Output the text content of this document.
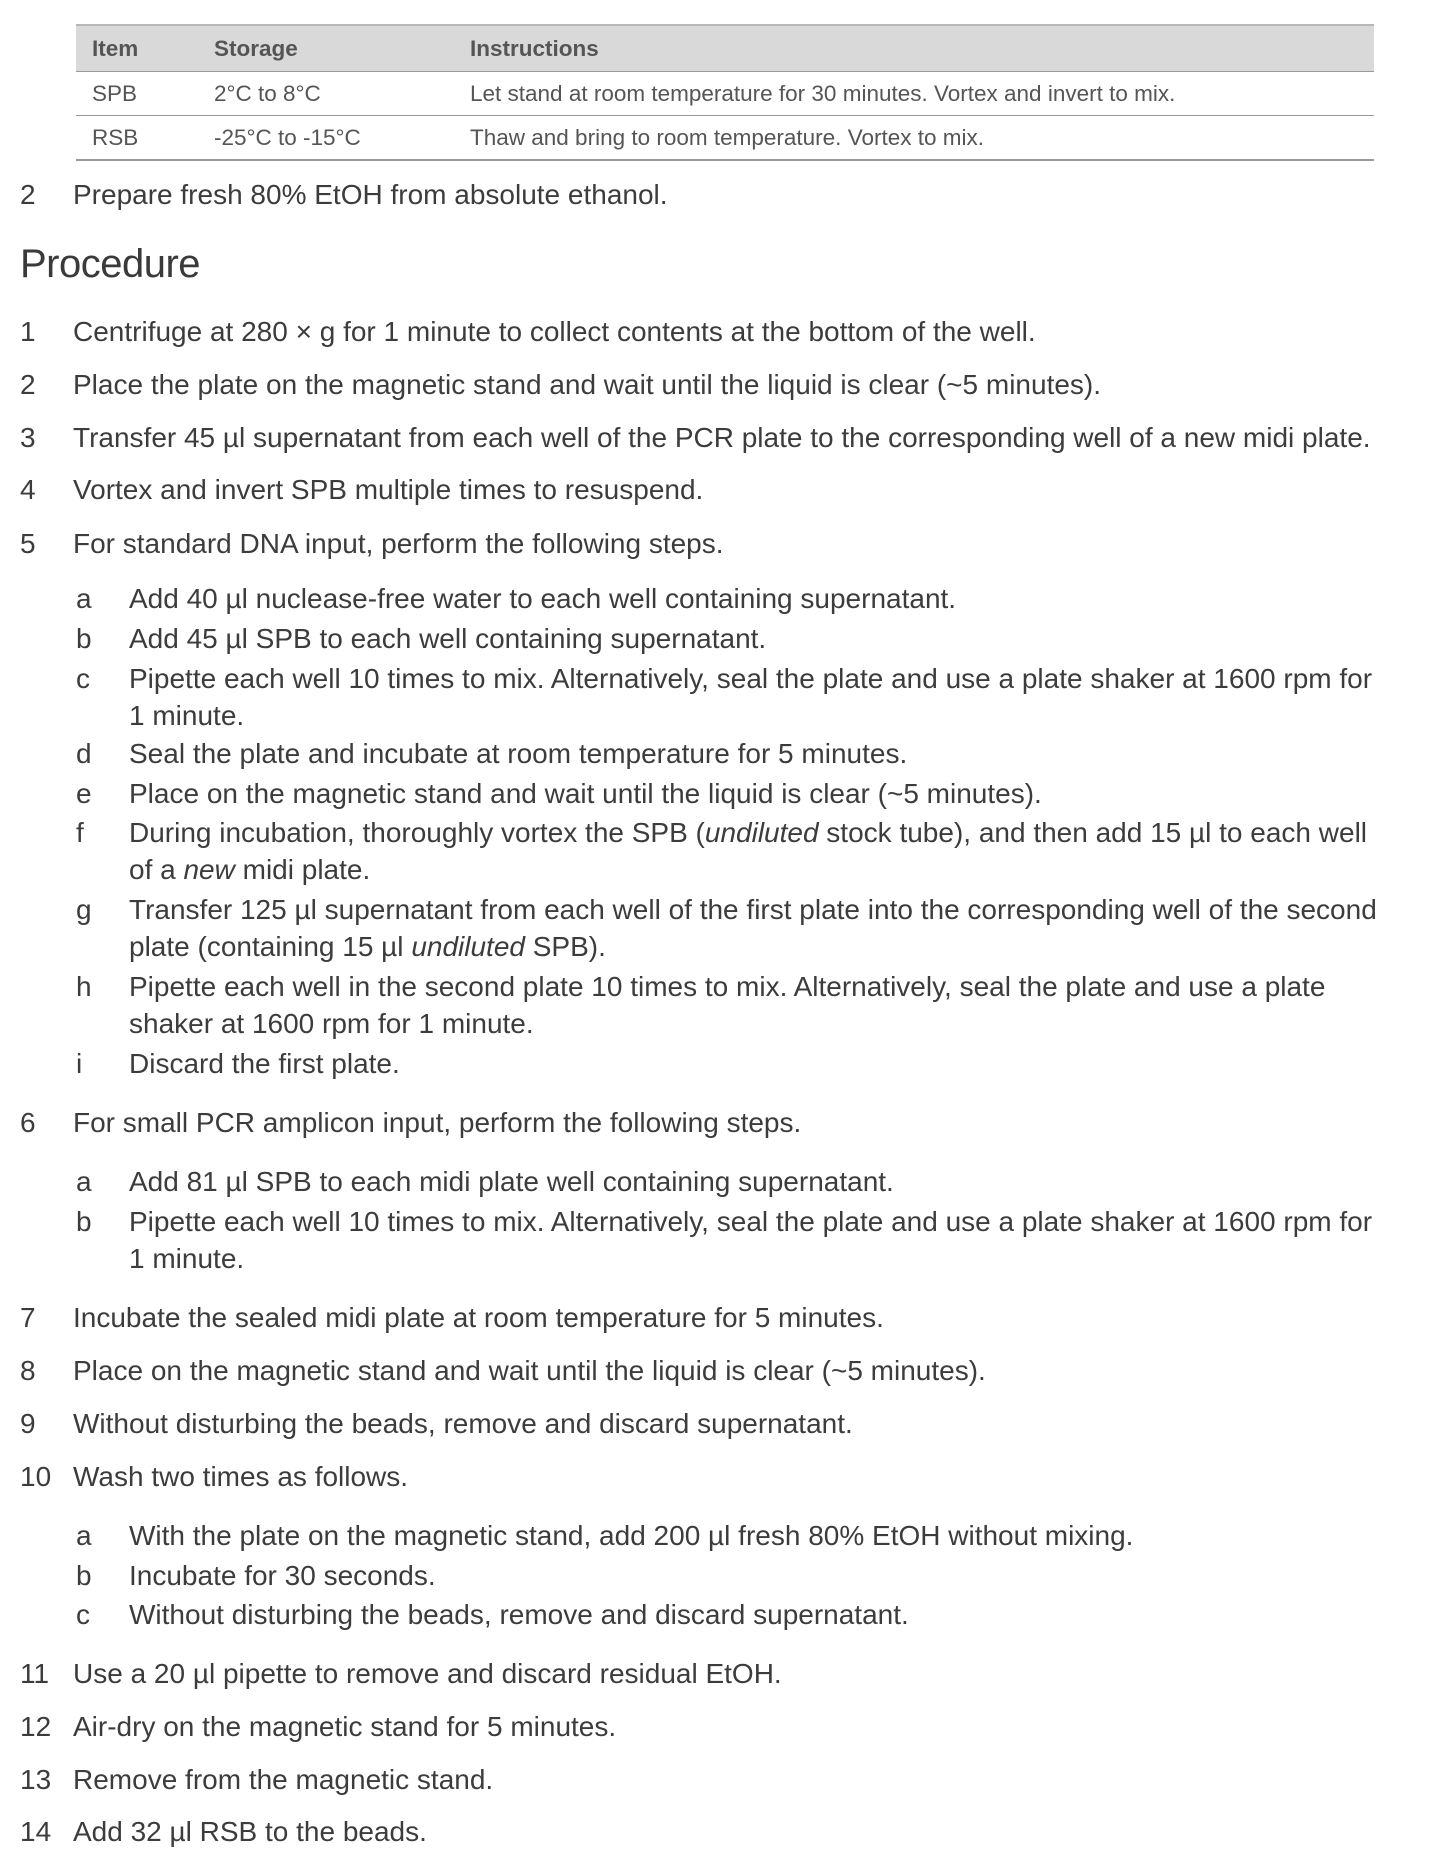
Item	Storage	Instructions
SPB	2°C to 8°C	Let stand at room temperature for 30 minutes. Vortex and invert to mix.
RSB	-25°C to -15°C	Thaw and bring to room temperature. Vortex to mix.
2 Prepare fresh 80% EtOH from absolute ethanol.
Procedure
1 Centrifuge at 280 × g for 1 minute to collect contents at the bottom of the well.
2 Place the plate on the magnetic stand and wait until the liquid is clear (~5 minutes).
3 Transfer 45 µl supernatant from each well of the PCR plate to the corresponding well of a new midi plate.
4 Vortex and invert SPB multiple times to resuspend.
5 For standard DNA input, perform the following steps.
a Add 40 µl nuclease-free water to each well containing supernatant.
b Add 45 µl SPB to each well containing supernatant.
c Pipette each well 10 times to mix. Alternatively, seal the plate and use a plate shaker at 1600 rpm for
1 minute.
d Seal the plate and incubate at room temperature for 5 minutes.
e Place on the magnetic stand and wait until the liquid is clear (~5 minutes).
f During incubation, thoroughly vortex the SPB (undiluted stock tube), and then add 15 µl to each well
of a new midi plate.
g Transfer 125 µl supernatant from each well of the first plate into the corresponding well of the second
plate (containing 15 µl undiluted SPB).
h Pipette each well in the second plate 10 times to mix. Alternatively, seal the plate and use a plate
shaker at 1600 rpm for 1 minute.
i Discard the first plate.
6 For small PCR amplicon input, perform the following steps.
a Add 81 µl SPB to each midi plate well containing supernatant.
b Pipette each well 10 times to mix. Alternatively, seal the plate and use a plate shaker at 1600 rpm for
1 minute.
7 Incubate the sealed midi plate at room temperature for 5 minutes.
8 Place on the magnetic stand and wait until the liquid is clear (~5 minutes).
9 Without disturbing the beads, remove and discard supernatant.
10 Wash two times as follows.
a With the plate on the magnetic stand, add 200 µl fresh 80% EtOH without mixing.
b Incubate for 30 seconds.
c Without disturbing the beads, remove and discard supernatant.
11 Use a 20 µl pipette to remove and discard residual EtOH.
12 Air-dry on the magnetic stand for 5 minutes.
13 Remove from the magnetic stand.
14 Add 32 µl RSB to the beads.
